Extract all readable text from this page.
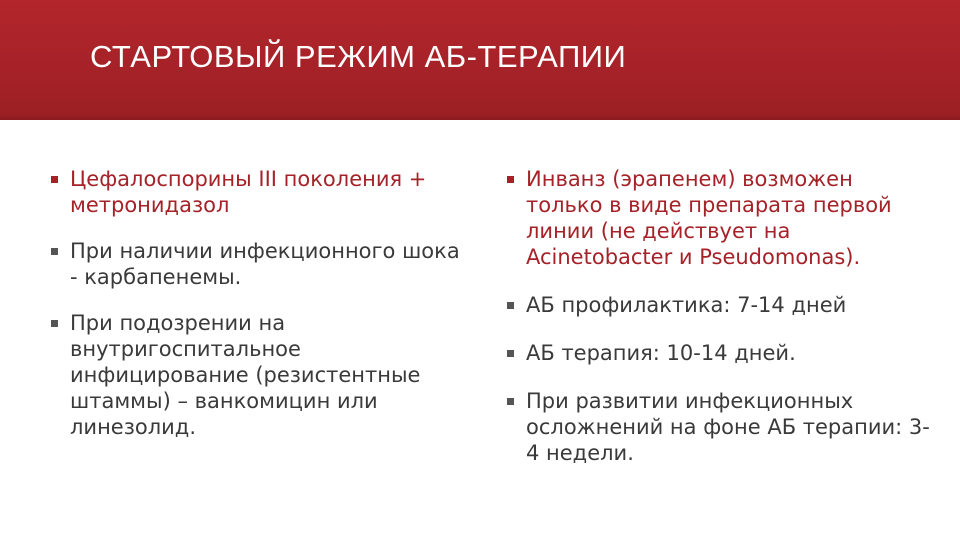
СТАРТОВЫЙ РЕЖИМ АБ-ТЕРАПИИ
Цефалоспорины III поколения + метронидазол
При наличии инфекционного шока - карбапенемы.
При подозрении на внутригоспитальное инфицирование (резистентные штаммы) – ванкомицин или линезолид.
Инванз (эрапенем) возможен только в виде препарата первой линии (не действует на Acinetobacter и Pseudomonas).
АБ профилактика: 7-14 дней
АБ терапия: 10-14 дней.
При развитии инфекционных осложнений на фоне АБ терапии: 3-4 недели.
